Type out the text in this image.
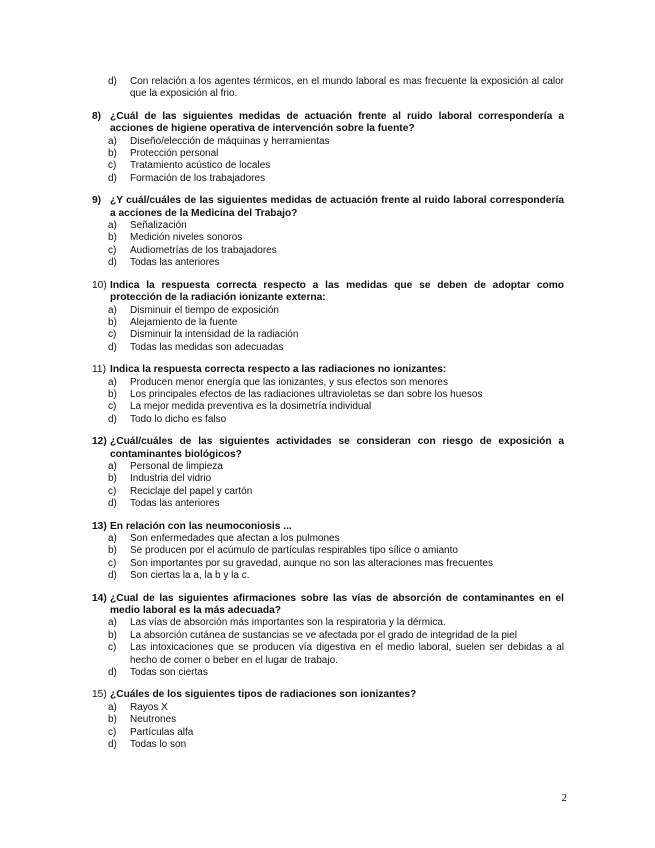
d)	Con relación a los agentes térmicos, en el mundo laboral es mas frecuente la exposición al calor que la exposición al frio.
8) ¿Cuál de las siguientes medidas de actuación frente al ruido laboral correspondería a acciones de higiene operativa de intervención sobre la fuente?
a)	Diseño/elección de máquinas y herramientas
b)	Protección personal
c)	Tratamiento acústico de locales
d)	Formación de los trabajadores
9) ¿Y cuál/cuáles de las siguientes medidas de actuación frente al ruido laboral correspondería a acciones de la Medicina del Trabajo?
a)	Señalización
b)	Medición niveles sonoros
c)	Audiometrías de los trabajadores
d)	Todas las anteriores
10) Indica la respuesta correcta respecto a las medidas que se deben de adoptar como protección de la radiación ionizante externa:
a)	Disminuir el tiempo de exposición
b)	Alejamiento de la fuente
c)	Disminuir la intensidad de la radiación
d)	Todas las medidas son adecuadas
11) Indica la respuesta correcta respecto a las radiaciones no ionizantes:
a)	Producen menor energía que las ionizantes, y sus efectos son menores
b)	Los principales efectos de las radiaciones ultravioletas se dan sobre los huesos
c)	La mejor medida preventiva es la dosimetría individual
d)	Todo lo dicho es falso
12) ¿Cuál/cuáles de las siguientes actividades se consideran con riesgo de exposición a contaminantes biológicos?
a)	Personal de limpieza
b)	Industria del vidrio
c)	Reciclaje del papel y cartón
d)	Todas las anteriores
13) En relación con las neumoconiosis ...
a)	Son enfermedades que afectan a los pulmones
b)	Se producen por el acúmulo de partículas respirables tipo sílice o amianto
c)	Son importantes por su gravedad, aunque no son las alteraciones mas frecuentes
d)	Son ciertas la a, la b y la c.
14) ¿Cual de las siguientes afirmaciones sobre las vías de absorción de contaminantes en el medio laboral es la más adecuada?
a)	Las vías de absorción más importantes son la respiratoria y la dérmica.
b)	La absorción cutánea de sustancias se ve afectada por el grado de integridad de la piel
c)	Las intoxicaciones que se producen vía digestiva en el medio laboral, suelen ser debidas a al hecho de comer o beber en el lugar de trabajo.
d)	Todas son ciertas
15) ¿Cuáles de los siguientes tipos de radiaciones son ionizantes?
a)	Rayos X
b)	Neutrones
c)	Partículas alfa
d)	Todas lo son
2
